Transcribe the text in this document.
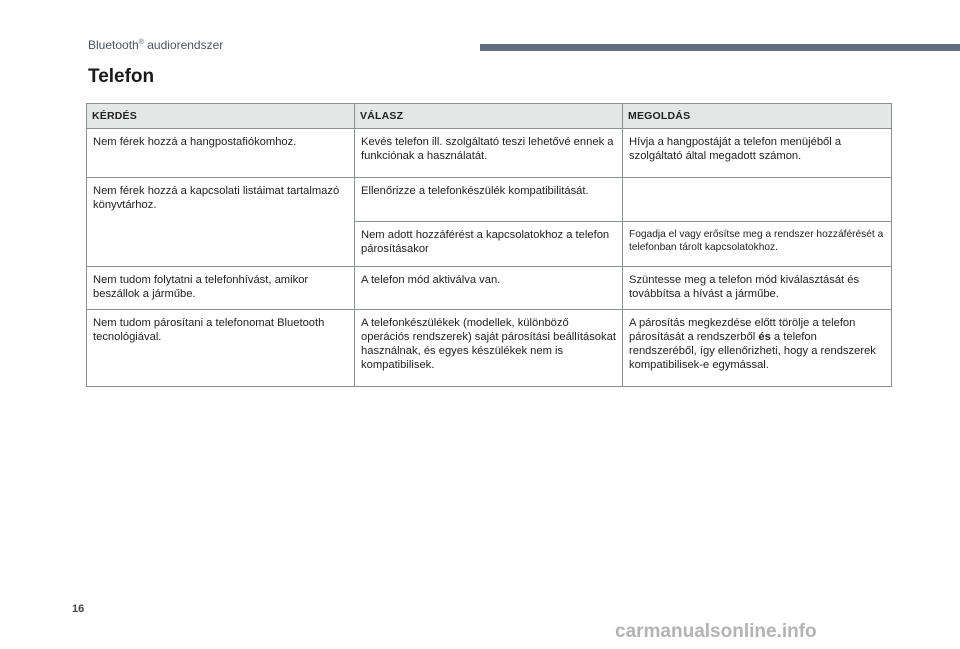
Bluetooth® audiorendszer
Telefon
KÉRDÉS	VÁLASZ	MEGOLDÁS
Nem férek hozzá a hangpostafiókomhoz.	Kevés telefon ill. szolgáltató teszi lehetővé ennek a funkciónak a használatát.	Hívja a hangpostáját a telefon menüjéből a szolgáltató által megadott számon.
Nem férek hozzá a kapcsolati listáimat tartalmazó könyvtárhoz.	Ellenőrizze a telefonkészülék kompatibilitását.	
	Nem adott hozzáférést a kapcsolatokhoz a telefon párosításakor	Fogadja el vagy erősítse meg a rendszer hozzáférését a telefonban tárolt kapcsolatokhoz.
Nem tudom folytatni a telefonhívást, amikor beszállok a járműbe.	A telefon mód aktiválva van.	Szüntesse meg a telefon mód kiválasztását és továbbítsa a hívást a járműbe.
Nem tudom párosítani a telefonomat Bluetooth tecnológiával.	A telefonkészülékek (modellek, különböző operációs rendszerek) saját párosítási beállításokat használnak, és egyes készülékek nem is kompatibilisek.	A párosítás megkezdése előtt törölje a telefon párosítását a rendszerből és a telefon rendszeréből, így ellenőrizheti, hogy a rendszerek kompatibilisek-e egymással.
16
carmanualsonline.info
